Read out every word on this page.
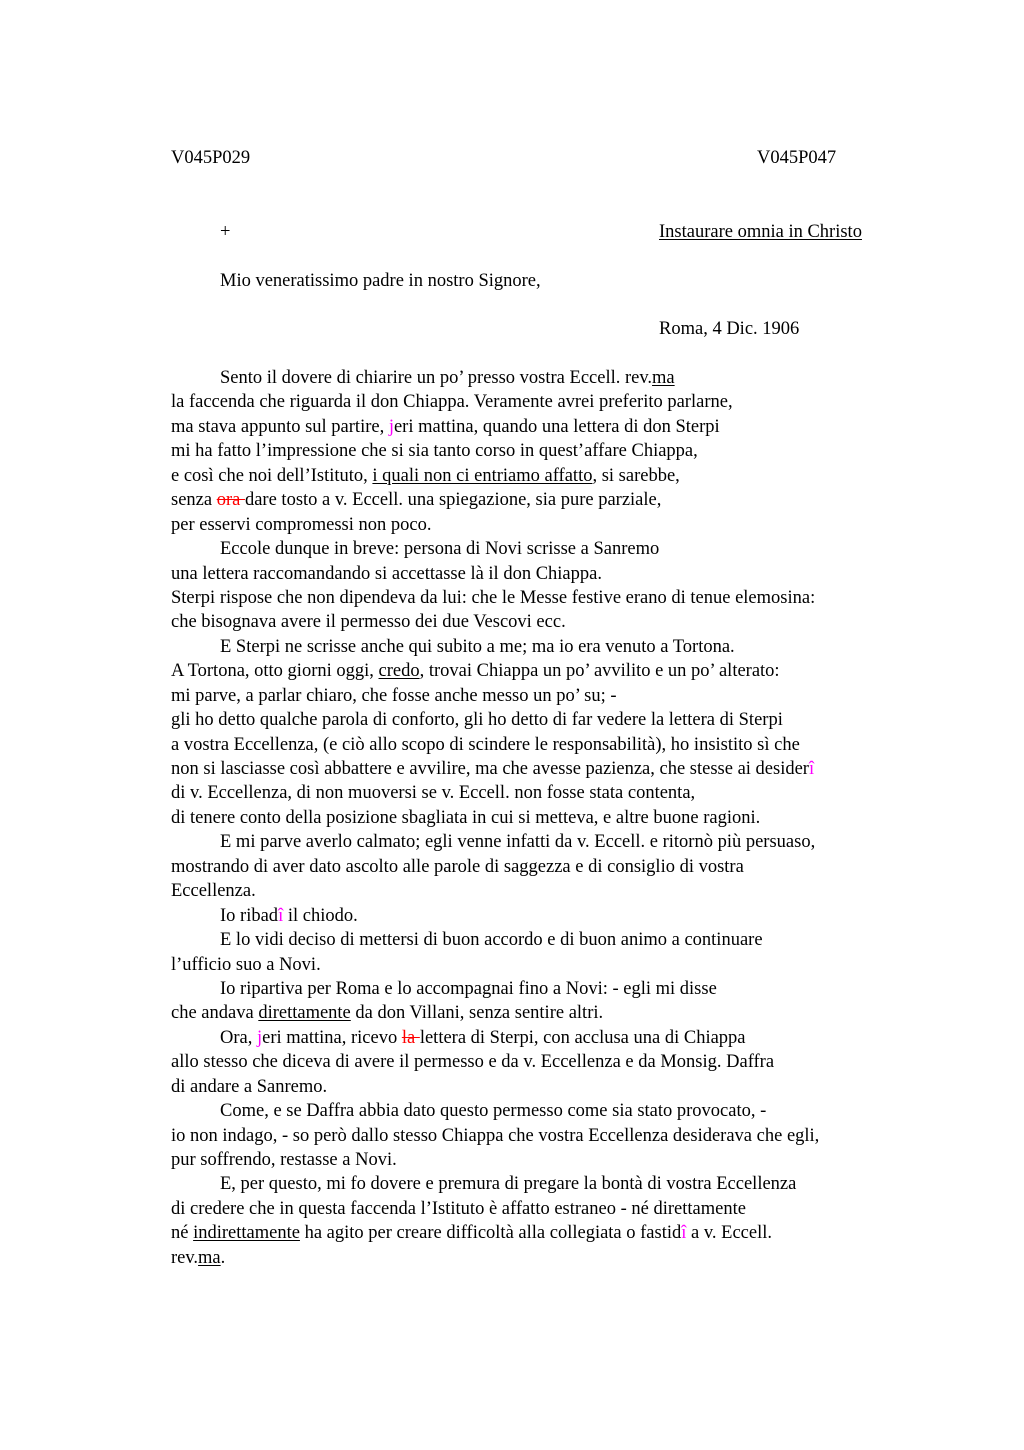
V045P029	V045P047
+	Instaurare omnia in Christo
Mio veneratissimo padre in nostro Signore,
Roma, 4 Dic. 1906
Sento il dovere di chiarire un po’ presso vostra Eccell. rev.ma
la faccenda che riguarda il don Chiappa. Veramente avrei preferito parlarne,
ma stava appunto sul partire, jeri mattina, quando una lettera di don Sterpi
mi ha fatto l’impressione che si sia tanto corso in quest’affare Chiappa,
e così che noi dell’Istituto, i quali non ci entriamo affatto, si sarebbe,
senza ora dare tosto a v. Eccell. una spiegazione, sia pure parziale,
per esservi compromessi non poco.
Eccole dunque in breve: persona di Novi scrisse a Sanremo
una lettera raccomandando si accettasse là il don Chiappa.
Sterpi rispose che non dipendeva da lui: che le Messe festive erano di tenue elemosina:
che bisognava avere il permesso dei due Vescovi ecc.
E Sterpi ne scrisse anche qui subito a me; ma io era venuto a Tortona.
A Tortona, otto giorni oggi, credo, trovai Chiappa un po’ avvilito e un po’ alterato:
mi parve, a parlar chiaro, che fosse anche messo un po’ su; -
gli ho detto qualche parola di conforto, gli ho detto di far vedere la lettera di Sterpi
a vostra Eccellenza, (e ciò allo scopo di scindere le responsabilità), ho insistito sì che
non si lasciasse così abbattere e avvilire, ma che avesse pazienza, che stesse ai desiderî
di v. Eccellenza, di non muoversi se v. Eccell. non fosse stata contenta,
di tenere conto della posizione sbagliata in cui si metteva, e altre buone ragioni.
E mi parve averlo calmato; egli venne infatti da v. Eccell. e ritornò più persuaso,
mostrando di aver dato ascolto alle parole di saggezza e di consiglio di vostra
Eccellenza.
Io ribadî il chiodo.
E lo vidi deciso di mettersi di buon accordo e di buon animo a continuare
l’ufficio suo a Novi.
Io ripartiva per Roma e lo accompagnai fino a Novi: - egli mi disse
che andava direttamente da don Villani, senza sentire altri.
Ora, jeri mattina, ricevo la lettera di Sterpi, con acclusa una di Chiappa
allo stesso che diceva di avere il permesso e da v. Eccellenza e da Monsig. Daffra
di andare a Sanremo.
Come, e se Daffra abbia dato questo permesso come sia stato provocato, -
io non indago, - so però dallo stesso Chiappa che vostra Eccellenza desiderava che egli,
pur soffrendo, restasse a Novi.
E, per questo, mi fo dovere e premura di pregare la bontà di vostra Eccellenza
di credere che in questa faccenda l’Istituto è affatto estraneo - né direttamente
né indirettamente ha agito per creare difficoltà alla collegiata o fastidî a v. Eccell.
rev.ma.
